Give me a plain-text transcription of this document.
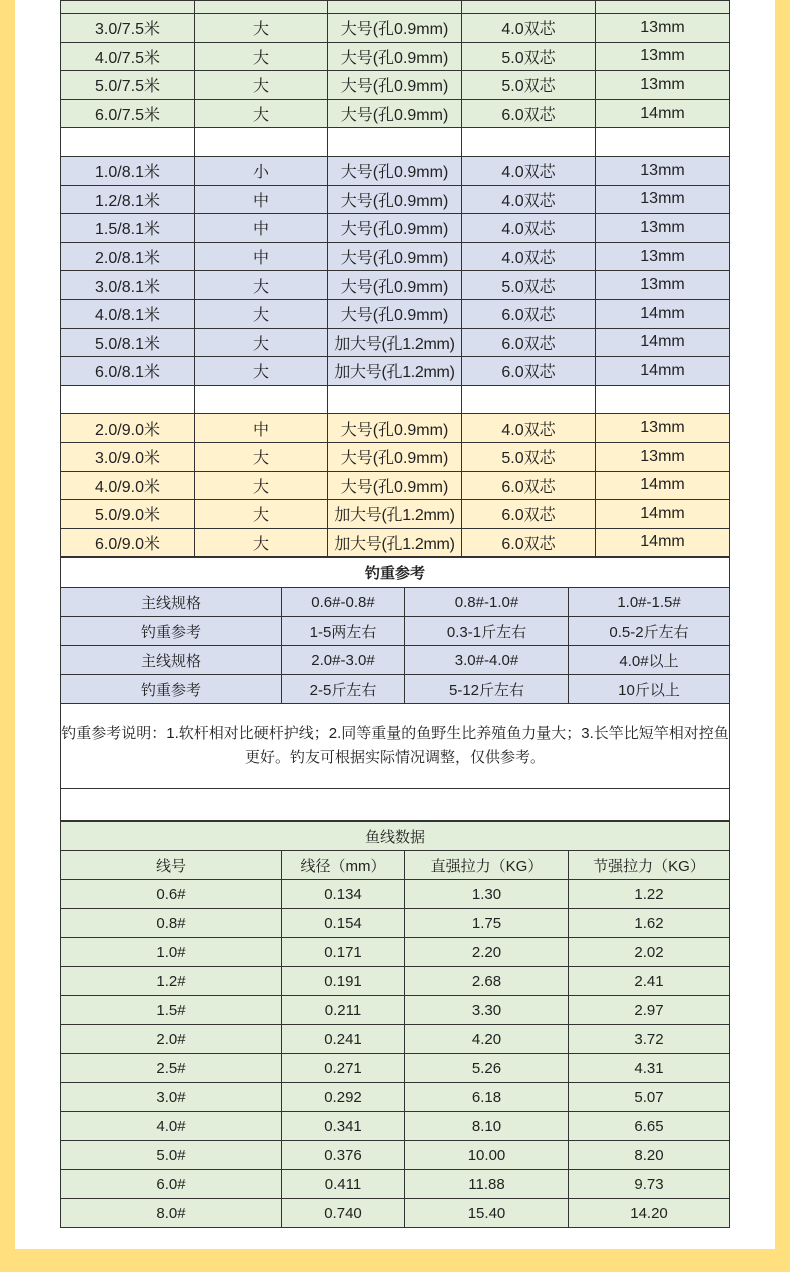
3.0/7.5米	大	大号(孔0.9mm)	4.0双芯	13mm
4.0/7.5米	大	大号(孔0.9mm)	5.0双芯	13mm
5.0/7.5米	大	大号(孔0.9mm)	5.0双芯	13mm
6.0/7.5米	大	大号(孔0.9mm)	6.0双芯	14mm

1.0/8.1米	小	大号(孔0.9mm)	4.0双芯	13mm
1.2/8.1米	中	大号(孔0.9mm)	4.0双芯	13mm
1.5/8.1米	中	大号(孔0.9mm)	4.0双芯	13mm
2.0/8.1米	中	大号(孔0.9mm)	4.0双芯	13mm
3.0/8.1米	大	大号(孔0.9mm)	5.0双芯	13mm
4.0/8.1米	大	大号(孔0.9mm)	6.0双芯	14mm
5.0/8.1米	大	加大号(孔1.2mm)	6.0双芯	14mm
6.0/8.1米	大	加大号(孔1.2mm)	6.0双芯	14mm

2.0/9.0米	中	大号(孔0.9mm)	4.0双芯	13mm
3.0/9.0米	大	大号(孔0.9mm)	5.0双芯	13mm
4.0/9.0米	大	大号(孔0.9mm)	6.0双芯	14mm
5.0/9.0米	大	加大号(孔1.2mm)	6.0双芯	14mm
6.0/9.0米	大	加大号(孔1.2mm)	6.0双芯	14mm
钓重参考			
主线规格	0.6#-0.8#	0.8#-1.0#	1.0#-1.5#
钓重参考	1-5两左右	0.3-1斤左右	0.5-2斤左右
主线规格	2.0#-3.0#	3.0#-4.0#	4.0#以上
钓重参考	2-5斤左右	5-12斤左右	10斤以上
钓重参考说明：1.软杆相对比硬杆护线；2.同等重量的鱼野生比养殖鱼力量大；3.长竿比短竿相对控鱼更好。钓友可根据实际情况调整，仅供参考。			

鱼线数据			
线号	线径（mm）	直强拉力（KG）	节强拉力（KG）
0.6#	0.134	1.30	1.22
0.8#	0.154	1.75	1.62
1.0#	0.171	2.20	2.02
1.2#	0.191	2.68	2.41
1.5#	0.211	3.30	2.97
2.0#	0.241	4.20	3.72
2.5#	0.271	5.26	4.31
3.0#	0.292	6.18	5.07
4.0#	0.341	8.10	6.65
5.0#	0.376	10.00	8.20
6.0#	0.411	11.88	9.73
8.0#	0.740	15.40	14.20
